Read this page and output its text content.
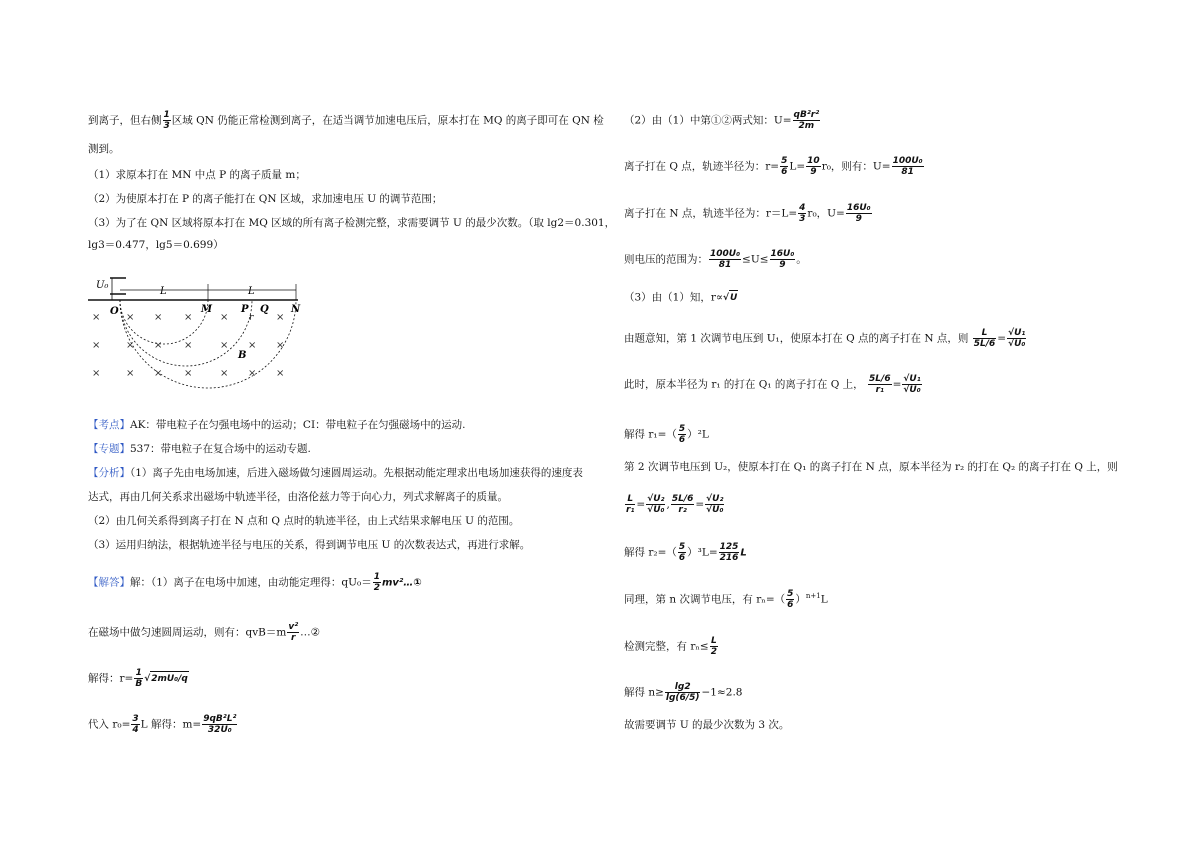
到离子，但右侧 $\frac{1}{3}$ 区域 QN 仍能正常检测到离子，在适当调节加速电压后，原本打在 MQ 的离子即可在 QN 检
测到。
（1）求原本打在 MN 中点 P 的离子质量 m；
（2）为使原本打在 P 的离子能打在 QN 区域，求加速电压 U 的调节范围；
（3）为了在 QN 区域将原本打在 MQ 区域的所有离子检测完整，求需要调节 U 的最少次数。（取 lg2＝0.301，
lg3＝0.477，lg5＝0.699）
【考点】AK：带电粒子在匀强电场中的运动；CI：带电粒子在匀强磁场中的运动.
【专题】537：带电粒子在复合场中的运动专题.
【分析】（1）离子先由电场加速，后进入磁场做匀速圆周运动。先根据动能定理求出电场加速获得的速度表
达式，再由几何关系求出磁场中轨迹半径，由洛伦兹力等于向心力，列式求解离子的质量。
（2）由几何关系得到离子打在 N 点和 Q 点时的轨迹半径，由上式结果求解电压 U 的范围。
（3）运用归纳法，根据轨迹半径与电压的关系，得到调节电压 U 的次数表达式，再进行求解。
【解答】解：（1）离子在电场中加速，由动能定理得：$qU_0= \frac{1}{2}$ mv²…①
在磁场中做匀速圆周运动，则有：$qvB=m \frac{\text{v²}}{r}$ …②
解得：$r= \frac{1}{B} √2mU_0/q$
代入 $r_0= \frac{3}{4}$ L 解得：$m= \frac{\text{9qB²L²}}{\text{32U₀}}$
U₀
L	L
O	M	P Q N
r
B
×	× × ×	×	×
×	× × ×	× × ×
×	× × ×	× × ×
（2）由（1）中第①②两式知：$U= \frac{\text{qB²r²}}{2m}$
离子打在 Q 点，轨迹半径为：$r= \frac{5}{6} L= \frac{10}{9} r_0$，则有：$U= \frac{\text{100U₀}}{81}$
离子打在 N 点，轨迹半径为：$r=L= \frac{4}{3} r_0$，$U= \frac{\text{16U₀}}{9}$
则电压的范围为： $\frac{\text{100U₀}}{81} \le U\le \frac{\text{16U₀}}{9}$ 。
（3）由（1）知，r∝√U
由题意知，第 1 次调节电压到 U₁，使原本打在 Q 点的离子打在 N 点，则 $\frac{L}{5L/6} = \frac{\text{√U₁}}{\text{√U₀}}$
此时，原本半径为 r₁ 的打在 Q₁ 的离子打在 Q 上， $\frac{5L/6}{\text{r₁}} = \frac{\text{√U₁}}{\text{√U₀}}$
解得 $r_1=( \frac{5}{6} )^2L$
第 2 次调节电压到 U₂，使原本打在 Q₁ 的离子打在 N 点，原本半径为 r₂ 的打在 Q₂ 的离子打在 Q 上，则
$\frac{L}{\text{r₁}} = \frac{\text{√U₂}}{\text{√U₀}}$ , $\frac{5L/6}{\text{r₂}} = \frac{\text{√U₂}}{\text{√U₀}}$
解得 $r_2=( \frac{5}{6} )^3L= \frac{125}{216}$ L
同理，第 n 次调节电压，有 $r_n=( \frac{5}{6} )^{n+1}L$
检测完整，有 $r_n\le \frac{L}{2}$
解得 $n\ge \frac{\lg 2}{\lg(6/5)} -1\approx 2.8$
故需要调节 U 的最少次数为 3 次。
